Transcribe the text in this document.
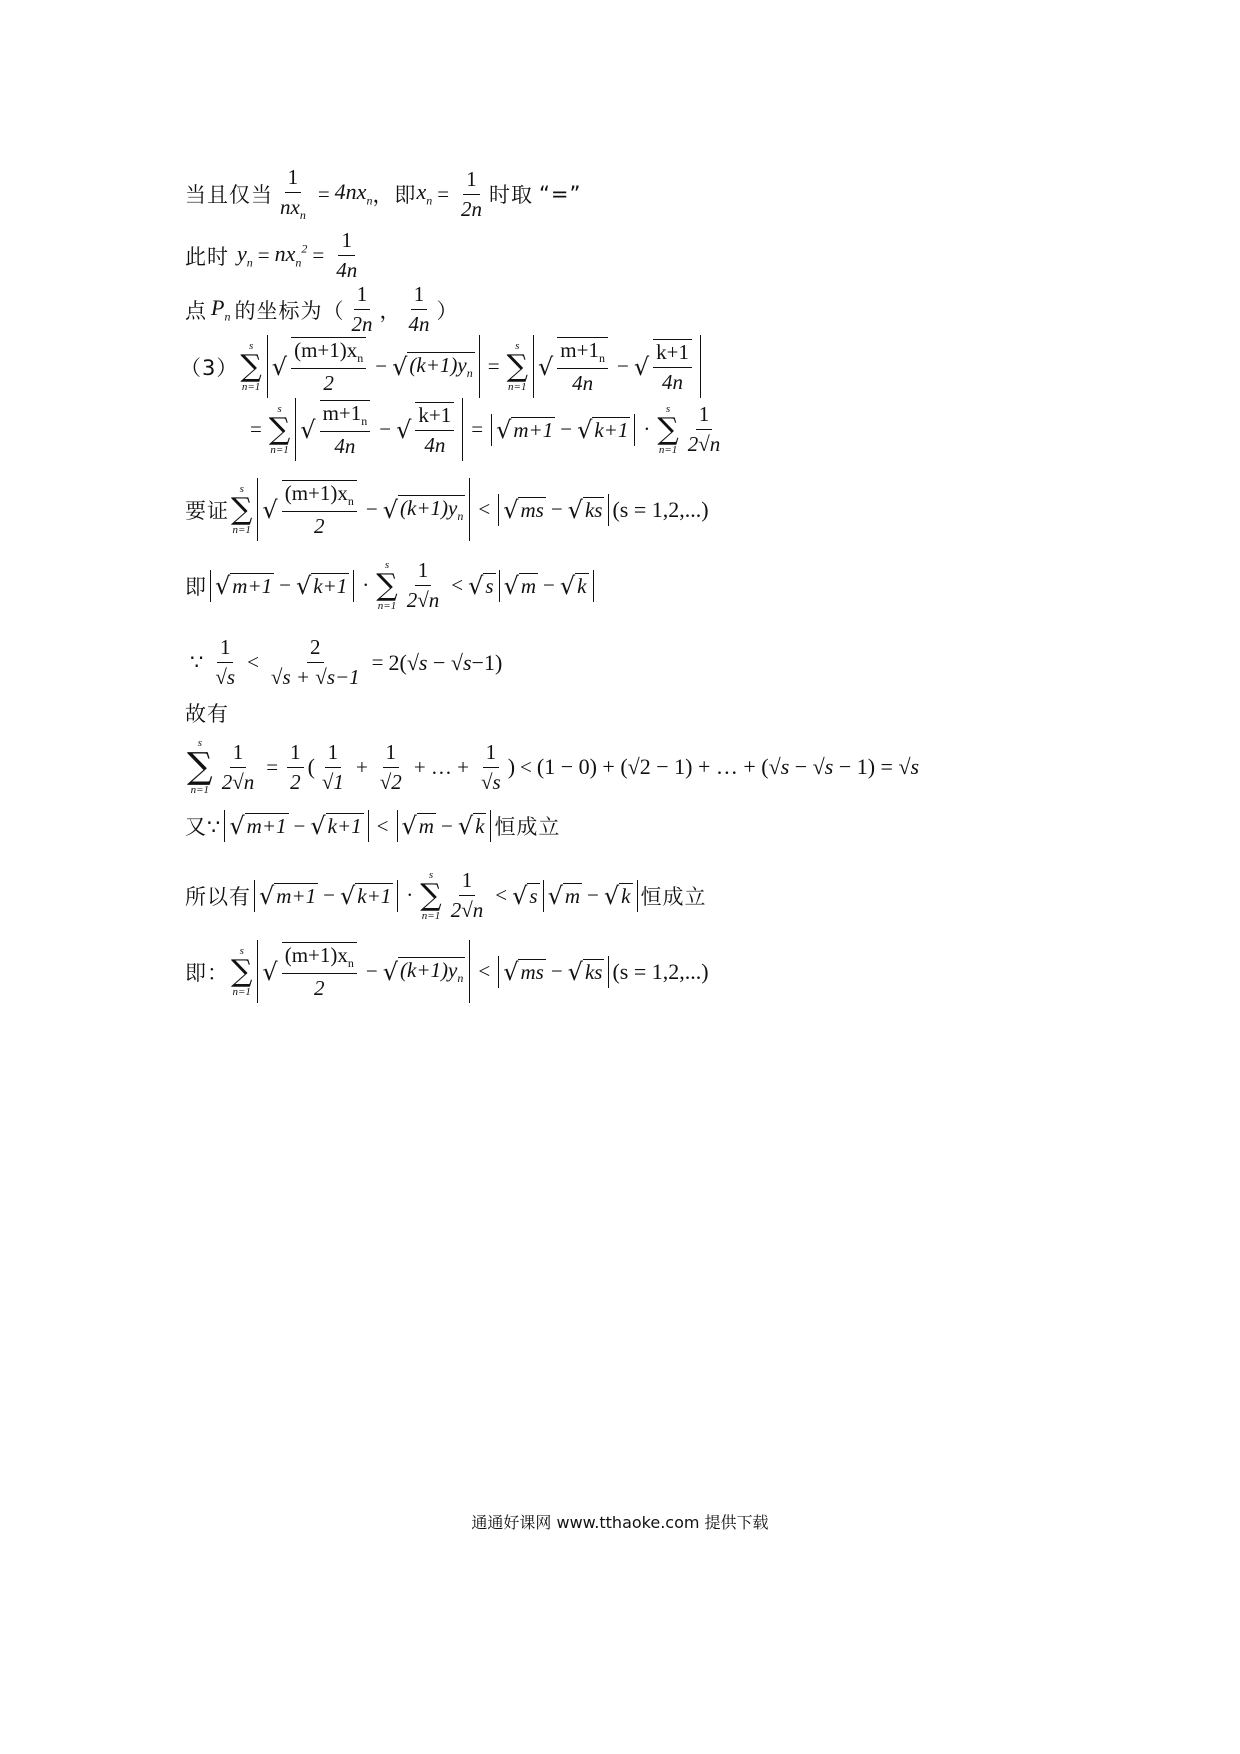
当且仅当 $\frac{1}{nx_n} = 4nx_n$ ，即 $x_n = \frac{1}{2n}$ 时取 “=”
此时 $y_n = nx_n^2 = \frac{1}{4n}$
点 $P_n$ 的坐标为（ $\frac{1}{2n}$ ， $\frac{1}{4n}$ ）
（3）
s
∑
n=1
√ $\frac{(m+1)x_n}{2}$ − √ $(k+1)y_n$ =
s
∑
n=1
√ $\frac{m+1_n}{4n}$ − √ $\frac{k+1}{4n}$
=
s
∑
n=1
√ $\frac{m+1_n}{4n}$ − √ $\frac{k+1}{4n}$ = √ m+1 − √ k+1 ·
s
∑
$n=1 \frac{1}{2√n}$
要证
s
∑
n=1
√ $\frac{(m+1)x_n}{2}$ − √ $(k+1)y_n$ < √ ms − √ ks (s = 1,2,...)
即 √ m+1 − √ k+1 ·
s
∑
$n=1 \frac{1}{2√n}$ < √ s √ m − √ k
∵ $\frac{1}{√s} < \frac{2}{√s + √s-1} = 2(√s - √s-1)$
故有
s
∑
$n=1 \frac{1}{2√n} = \frac{1}{2}$ ( $\frac{1}{√1} + \frac{1}{√2}$ + … + $\frac{1}{√s}$ ) < (1 − 0) + (√2 − 1) + … + (√s − √s − 1) = √s
又∵ √ m+1 − √ k+1 < √ m − √ k 恒成立
所以有 √ m+1 − √ k+1 ·
s
∑
$n=1 \frac{1}{2√n}$ < √ s √ m − √ k 恒成立
即：
s
∑
n=1
√ $\frac{(m+1)x_n}{2}$ − √ $(k+1)y_n$ < √ ms − √ ks (s = 1,2,...)
通通好课网 www.tthaoke.com 提供下载
